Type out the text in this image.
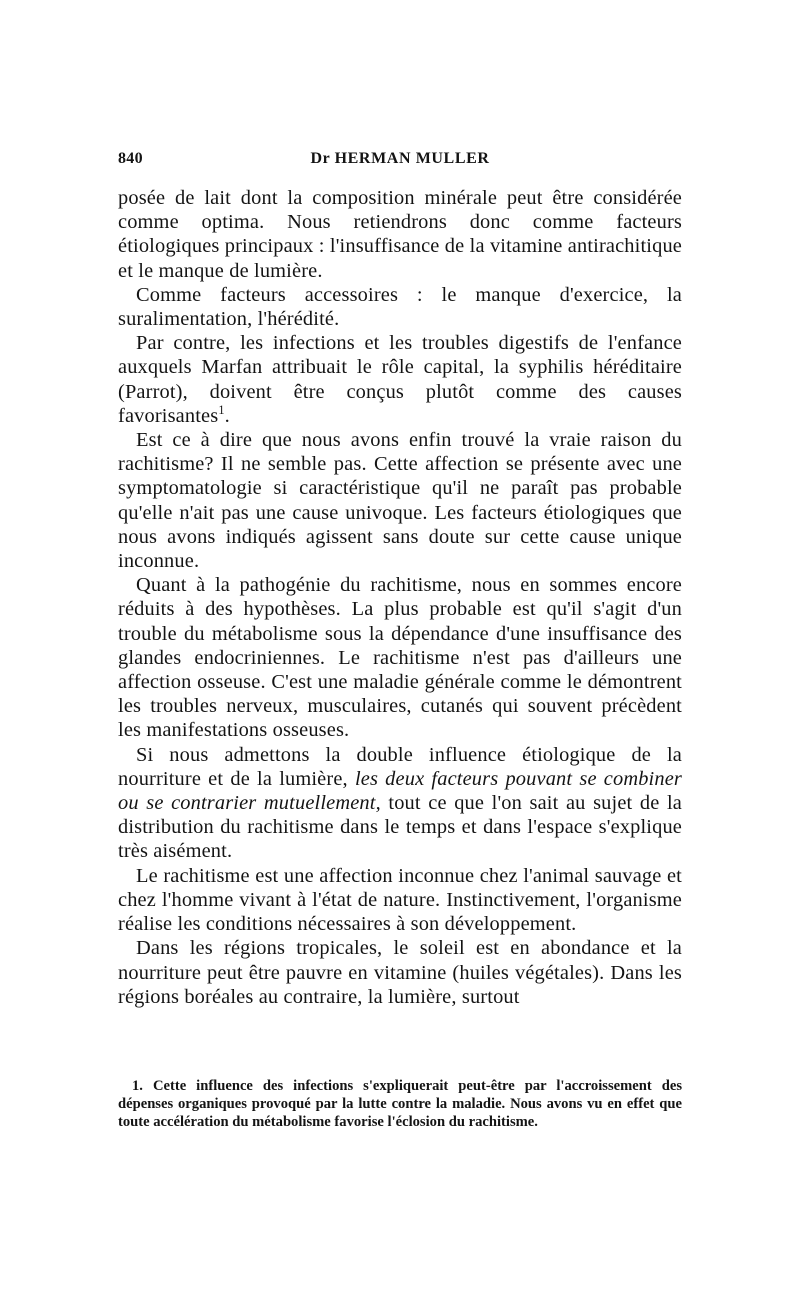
840	Dr HERMAN MULLER

posée de lait dont la composition minérale peut être considérée comme optima. Nous retiendrons donc comme facteurs étiologiques principaux : l'insuffisance de la vitamine antirachitique et le manque de lumière.

Comme facteurs accessoires : le manque d'exercice, la suralimentation, l'hérédité.

Par contre, les infections et les troubles digestifs de l'enfance auxquels Marfan attribuait le rôle capital, la syphilis héréditaire (Parrot), doivent être conçus plutôt comme des causes favorisantes$^1$.

Est ce à dire que nous avons enfin trouvé la vraie raison du rachitisme? Il ne semble pas. Cette affection se présente avec une symptomatologie si caractéristique qu'il ne paraît pas probable qu'elle n'ait pas une cause univoque. Les facteurs étiologiques que nous avons indiqués agissent sans doute sur cette cause unique inconnue.

Quant à la pathogénie du rachitisme, nous en sommes encore réduits à des hypothèses. La plus probable est qu'il s'agit d'un trouble du métabolisme sous la dépendance d'une insuffisance des glandes endocriniennes. Le rachitisme n'est pas d'ailleurs une affection osseuse. C'est une maladie générale comme le démontrent les troubles nerveux, musculaires, cutanés qui souvent précèdent les manifestations osseuses.

Si nous admettons la double influence étiologique de la nourriture et de la lumière, les deux facteurs pouvant se combiner ou se contrarier mutuellement, tout ce que l'on sait au sujet de la distribution du rachitisme dans le temps et dans l'espace s'explique très aisément.

Le rachitisme est une affection inconnue chez l'animal sauvage et chez l'homme vivant à l'état de nature. Instinctivement, l'organisme réalise les conditions nécessaires à son développement.

Dans les régions tropicales, le soleil est en abondance et la nourriture peut être pauvre en vitamine (huiles végétales). Dans les régions boréales au contraire, la lumière, surtout

1. Cette influence des infections s'expliquerait peut-être par l'accroissement des dépenses organiques provoqué par la lutte contre la maladie. Nous avons vu en effet que toute accélération du métabolisme favorise l'éclosion du rachitisme.
